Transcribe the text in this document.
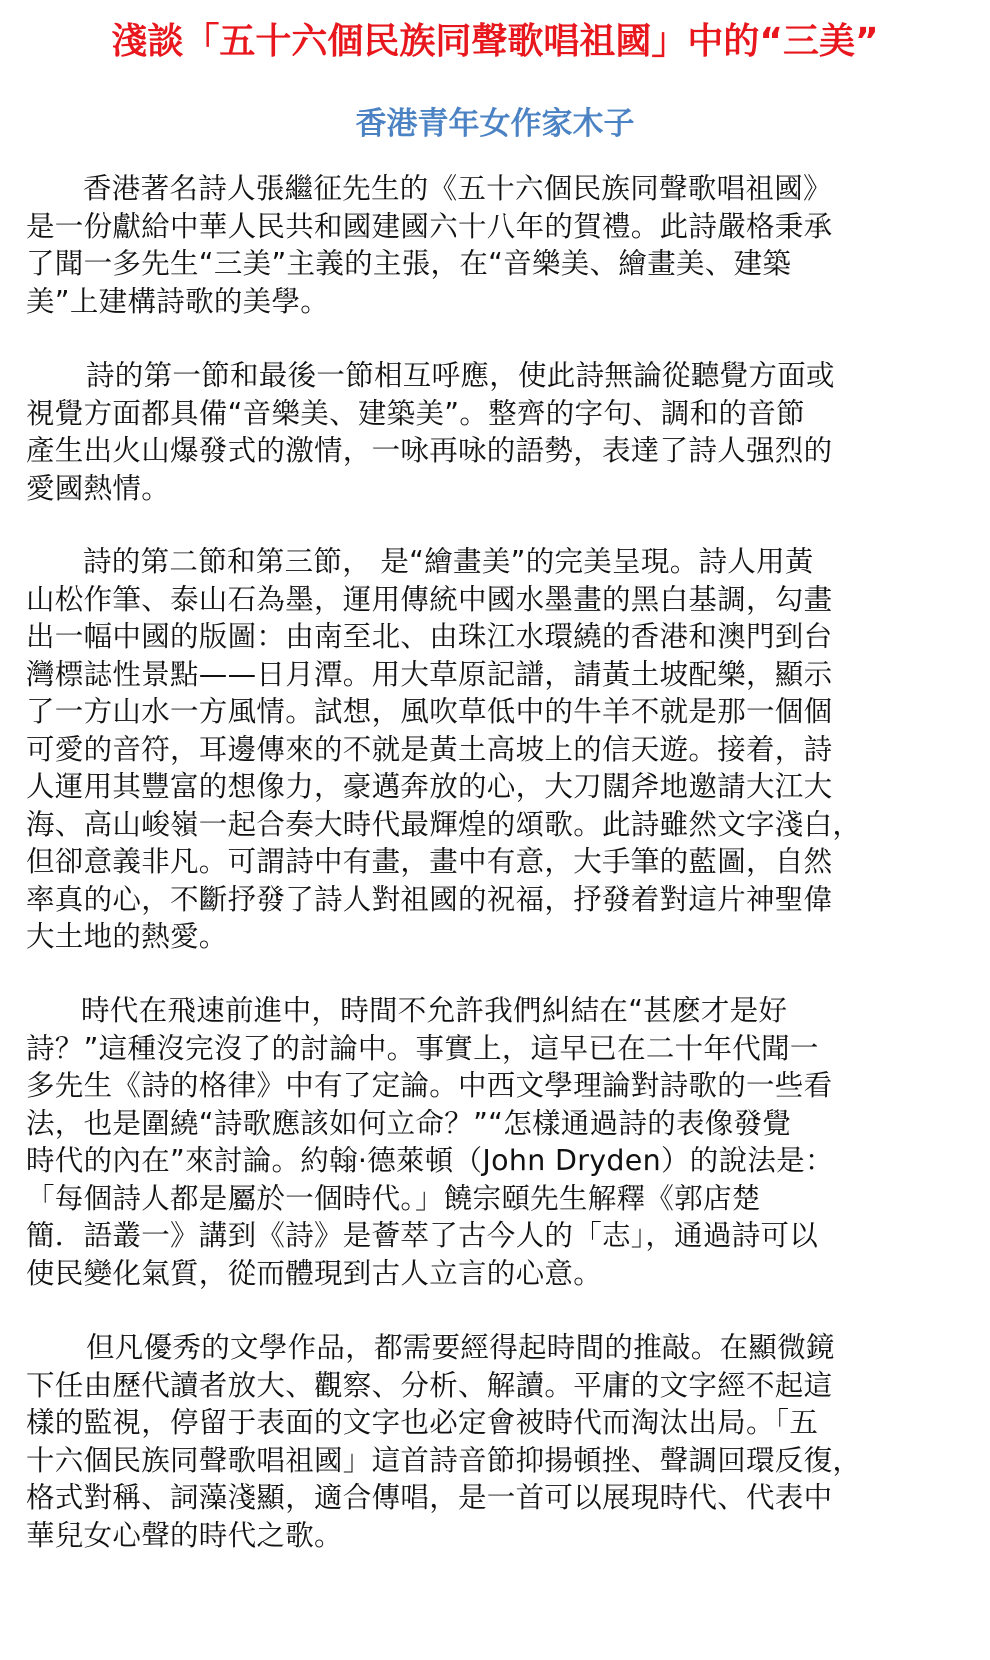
淺談「五十六個民族同聲歌唱祖國」中的“三美”
香港青年女作家木子
香港著名詩人張繼征先生的《五十六個民族同聲歌唱祖國》
是一份獻給中華人民共和國建國六十八年的賀禮。此詩嚴格秉承
了聞一多先生“三美”主義的主張，在“音樂美、繪畫美、建築
美”上建構詩歌的美學。
詩的第一節和最後一節相互呼應，使此詩無論從聽覺方面或
視覺方面都具備“音樂美、建築美”。整齊的字句、調和的音節
產生出火山爆發式的激情，一咏再咏的語勢，表達了詩人强烈的
愛國熱情。
詩的第二節和第三節， 是“繪畫美”的完美呈現。詩人用黃
山松作筆、泰山石為墨，運用傳統中國水墨畫的黑白基調，勾畫
出一幅中國的版圖：由南至北、由珠江水環繞的香港和澳門到台
灣標誌性景點——日月潭。用大草原記譜，請黃土坡配樂，顯示
了一方山水一方風情。試想，風吹草低中的牛羊不就是那一個個
可愛的音符，耳邊傳來的不就是黃土高坡上的信天遊。接着，詩
人運用其豐富的想像力，豪邁奔放的心，大刀闊斧地邀請大江大
海、高山峻嶺一起合奏大時代最輝煌的頌歌。此詩雖然文字淺白，
但卻意義非凡。可謂詩中有畫，畫中有意，大手筆的藍圖，自然
率真的心，不斷抒發了詩人對祖國的祝福，抒發着對這片神聖偉
大土地的熱愛。
時代在飛速前進中，時間不允許我們糾結在“甚麽才是好
詩？”這種沒完沒了的討論中。事實上，這早已在二十年代聞一
多先生《詩的格律》中有了定論。中西文學理論對詩歌的一些看
法，也是圍繞“詩歌應該如何立命？”“怎樣通過詩的表像發覺
時代的內在”來討論。約翰·德萊頓（John Dryden）的說法是：
「每個詩人都是屬於一個時代。」饒宗頤先生解釋《郭店楚
簡．語叢一》講到《詩》是薈萃了古今人的「志」，通過詩可以
使民變化氣質，從而體現到古人立言的心意。
但凡優秀的文學作品，都需要經得起時間的推敲。在顯微鏡
下任由歷代讀者放大、觀察、分析、解讀。平庸的文字經不起這
樣的監視，停留于表面的文字也必定會被時代而淘汰出局。「五
十六個民族同聲歌唱祖國」這首詩音節抑揚頓挫、聲調回環反復，
格式對稱、詞藻淺顯，適合傳唱，是一首可以展現時代、代表中
華兒女心聲的時代之歌。
